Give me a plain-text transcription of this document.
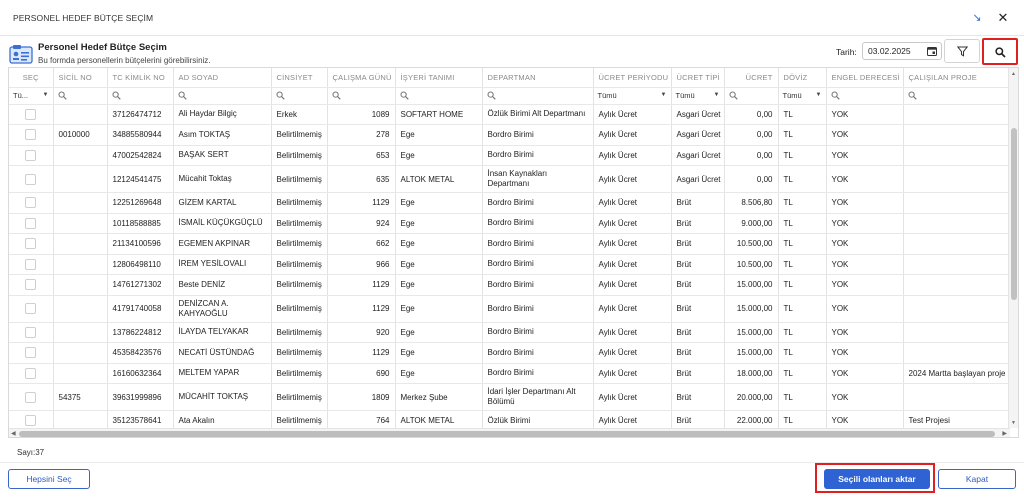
PERSONEL HEDEF BÜTÇE SEÇİM	↘ ✕
Personel Hedef Bütçe Seçim
Bu formda personellerin bütçelerini görebilirsiniz.
Tarih:	03.02.2025
SEÇ	SİCİL NO	TC KİMLİK NO	AD SOYAD	CİNSİYET	ÇALIŞMA GÜNÜ	İŞYERİ TANIMI	DEPARTMAN	ÜCRET PERİYODU	ÜCRET TİPİ	ÜCRET	DÖVİZ	ENGEL DERECESİ	ÇALIŞILAN PROJE

Tü... ▼								Tümü ▼	Tümü ▼		Tümü ▼

		37126474712	Ali Haydar Bilgiç	Erkek	1089	SOFTART HOME	Özlük Birimi Alt Departmanı	Aylık Ücret	Asgari Ücret	0,00	TL	YOK	
	0010000	34885580944	Asım TOKTAŞ	Belirtilmemiş	278	Ege	Bordro Birimi	Aylık Ücret	Asgari Ücret	0,00	TL	YOK	
		47002542824	BAŞAK SERT	Belirtilmemiş	653	Ege	Bordro Birimi	Aylık Ücret	Asgari Ücret	0,00	TL	YOK	
		12124541475	Mücahit Toktaş	Belirtilmemiş	635	ALTOK METAL	İnsan Kaynakları Departmanı	Aylık Ücret	Asgari Ücret	0,00	TL	YOK	
		12251269648	GİZEM KARTAL	Belirtilmemiş	1129	Ege	Bordro Birimi	Aylık Ücret	Brüt	8.506,80	TL	YOK	
		10118588885	İSMAİL KÜÇÜKGÜÇLÜ	Belirtilmemiş	924	Ege	Bordro Birimi	Aylık Ücret	Brüt	9.000,00	TL	YOK	
		21134100596	EGEMEN AKPINAR	Belirtilmemiş	662	Ege	Bordro Birimi	Aylık Ücret	Brüt	10.500,00	TL	YOK	
		12806498110	İREM YESİLOVALI	Belirtilmemiş	966	Ege	Bordro Birimi	Aylık Ücret	Brüt	10.500,00	TL	YOK	
		14761271302	Beste DENİZ	Belirtilmemiş	1129	Ege	Bordro Birimi	Aylık Ücret	Brüt	15.000,00	TL	YOK	
		41791740058	DENİZCAN A. KAHYAOĞLU	Belirtilmemiş	1129	Ege	Bordro Birimi	Aylık Ücret	Brüt	15.000,00	TL	YOK	
		13786224812	İLAYDA TELYAKAR	Belirtilmemiş	920	Ege	Bordro Birimi	Aylık Ücret	Brüt	15.000,00	TL	YOK	
		45358423576	NECATİ ÜSTÜNDAĞ	Belirtilmemiş	1129	Ege	Bordro Birimi	Aylık Ücret	Brüt	15.000,00	TL	YOK	
		16160632364	MELTEM YAPAR	Belirtilmemiş	690	Ege	Bordro Birimi	Aylık Ücret	Brüt	18.000,00	TL	YOK	2024 Martta başlayan proje
	54375	39631999896	MÜCAHİT TOKTAŞ	Belirtilmemiş	1809	Merkez Şube	İdari İşler Departmanı Alt Bölümü	Aylık Ücret	Brüt	20.000,00	TL	YOK	
		35123578641	Ata Akalın	Belirtilmemiş	764	ALTOK METAL	Özlük Birimi	Aylık Ücret	Brüt	22.000,00	TL	YOK	Test Projesi
▲
▼
◀	▶
Sayı:37
Hepsini Seç	Seçili olanları aktar	Kapat
